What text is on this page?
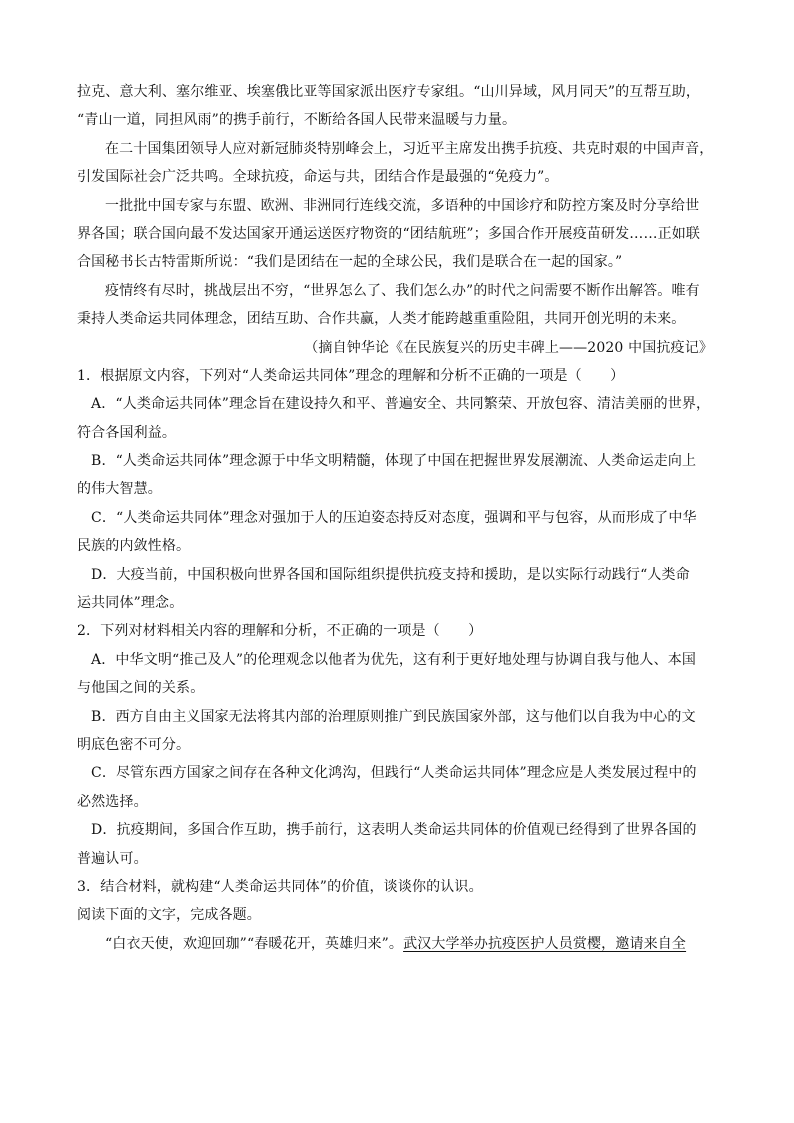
拉克、意大利、塞尔维亚、埃塞俄比亚等国家派出医疗专家组。“山川异域，风月同天”的互帮互助，
“青山一道，同担风雨”的携手前行，不断给各国人民带来温暖与力量。
在二十国集团领导人应对新冠肺炎特别峰会上，习近平主席发出携手抗疫、共克时艰的中国声音，
引发国际社会广泛共鸣。全球抗疫，命运与共，团结合作是最强的“免疫力”。
一批批中国专家与东盟、欧洲、非洲同行连线交流，多语种的中国诊疗和防控方案及时分享给世
界各国；联合国向最不发达国家开通运送医疗物资的“团结航班”；多国合作开展疫苗研发……正如联
合国秘书长古特雷斯所说：“我们是团结在一起的全球公民，我们是联合在一起的国家。”
疫情终有尽时，挑战层出不穷，“世界怎么了、我们怎么办”的时代之问需要不断作出解答。唯有
秉持人类命运共同体理念，团结互助、合作共赢，人类才能跨越重重险阻，共同开创光明的未来。
（摘自钟华论《在民族复兴的历史丰碑上——2020 中国抗疫记》
1．根据原文内容，下列对“人类命运共同体”理念的理解和分析不正确的一项是（　　）
A．“人类命运共同体”理念旨在建设持久和平、普遍安全、共同繁荣、开放包容、清洁美丽的世界，
符合各国利益。
B．“人类命运共同体”理念源于中华文明精髓，体现了中国在把握世界发展潮流、人类命运走向上
的伟大智慧。
C．“人类命运共同体”理念对强加于人的压迫姿态持反对态度，强调和平与包容，从而形成了中华
民族的内敛性格。
D．大疫当前，中国积极向世界各国和国际组织提供抗疫支持和援助，是以实际行动践行“人类命
运共同体”理念。
2．下列对材料相关内容的理解和分析，不正确的一项是（　　）
A．中华文明“推己及人”的伦理观念以他者为优先，这有利于更好地处理与协调自我与他人、本国
与他国之间的关系。
B．西方自由主义国家无法将其内部的治理原则推广到民族国家外部，这与他们以自我为中心的文
明底色密不可分。
C．尽管东西方国家之间存在各种文化鸿沟，但践行“人类命运共同体”理念应是人类发展过程中的
必然选择。
D．抗疫期间，多国合作互助，携手前行，这表明人类命运共同体的价值观已经得到了世界各国的
普遍认可。
3．结合材料，就构建“人类命运共同体”的价值，谈谈你的认识。
阅读下面的文字，完成各题。
“白衣天使，欢迎回珈”“春暖花开，英雄归来”。武汉大学举办抗疫医护人员赏樱，邀请来自全
